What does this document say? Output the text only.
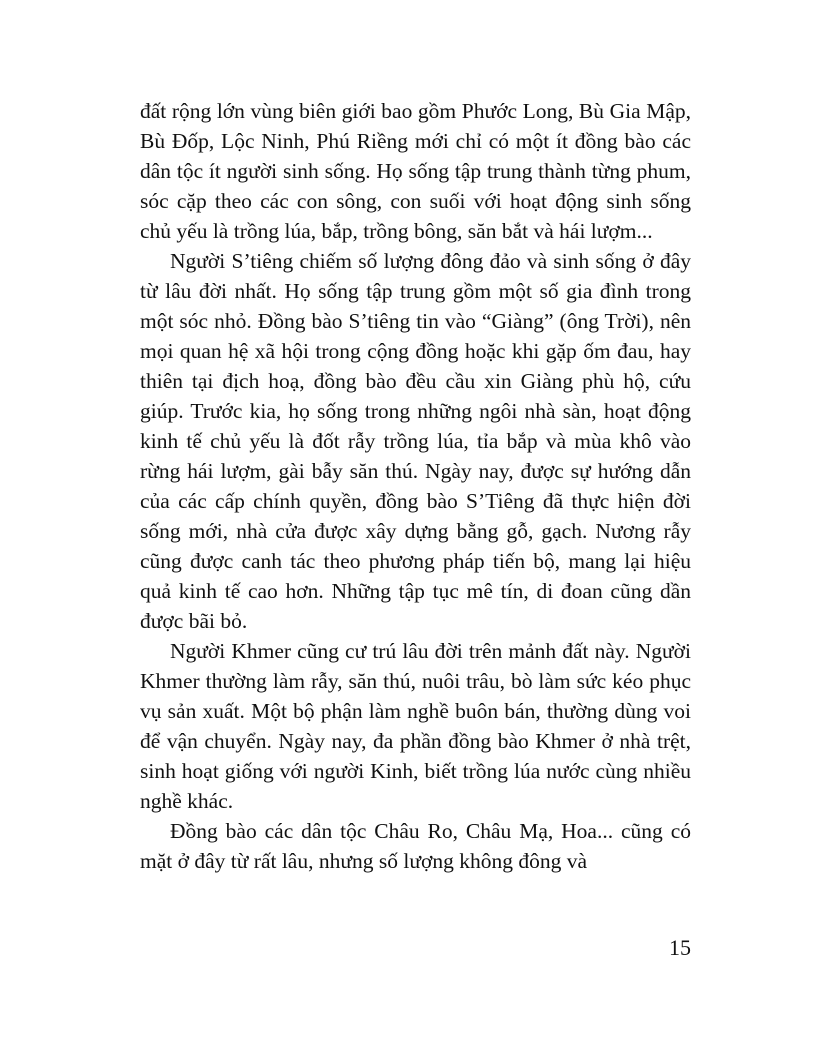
đất rộng lớn vùng biên giới bao gồm Phước Long, Bù Gia Mập, Bù Đốp, Lộc Ninh, Phú Riềng mới chỉ có một ít đồng bào các dân tộc ít người sinh sống. Họ sống tập trung thành từng phum, sóc cặp theo các con sông, con suối với hoạt động sinh sống chủ yếu là trồng lúa, bắp, trồng bông, săn bắt và hái lượm...

Người S’tiêng chiếm số lượng đông đảo và sinh sống ở đây từ lâu đời nhất. Họ sống tập trung gồm một số gia đình trong một sóc nhỏ. Đồng bào S’tiêng tin vào “Giàng” (ông Trời), nên mọi quan hệ xã hội trong cộng đồng hoặc khi gặp ốm đau, hay thiên tại địch hoạ, đồng bào đều cầu xin Giàng phù hộ, cứu giúp. Trước kia, họ sống trong những ngôi nhà sàn, hoạt động kinh tế chủ yếu là đốt rẫy trồng lúa, tỉa bắp và mùa khô vào rừng hái lượm, gài bẫy săn thú. Ngày nay, được sự hướng dẫn của các cấp chính quyền, đồng bào S’Tiêng đã thực hiện đời sống mới, nhà cửa được xây dựng bằng gỗ, gạch. Nương rẫy cũng được canh tác theo phương pháp tiến bộ, mang lại hiệu quả kinh tế cao hơn. Những tập tục mê tín, di đoan cũng dần được bãi bỏ.

Người Khmer cũng cư trú lâu đời trên mảnh đất này. Người Khmer thường làm rẫy, săn thú, nuôi trâu, bò làm sức kéo phục vụ sản xuất. Một bộ phận làm nghề buôn bán, thường dùng voi để vận chuyển. Ngày nay, đa phần đồng bào Khmer ở nhà trệt, sinh hoạt giống với người Kinh, biết trồng lúa nước cùng nhiều nghề khác.

Đồng bào các dân tộc Châu Ro, Châu Mạ, Hoa... cũng có mặt ở đây từ rất lâu, nhưng số lượng không đông và

15
